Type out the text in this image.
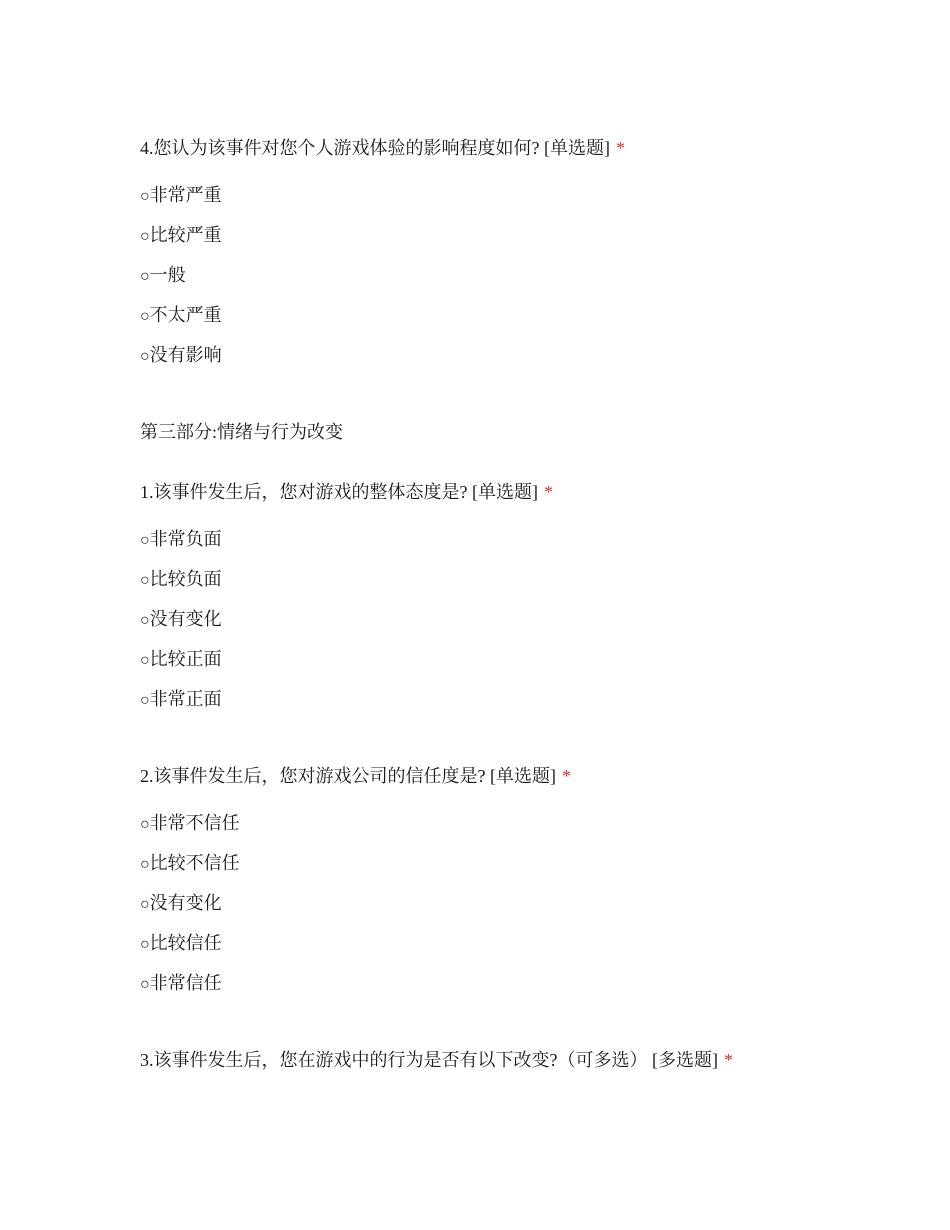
4.您认为该事件对您个人游戏体验的影响程度如何? [单选题] *
○非常严重
○比较严重
○一般
○不太严重
○没有影响
第三部分:情绪与行为改变
1.该事件发生后，您对游戏的整体态度是? [单选题] *
○非常负面
○比较负面
○没有变化
○比较正面
○非常正面
2.该事件发生后，您对游戏公司的信任度是? [单选题] *
○非常不信任
○比较不信任
○没有变化
○比较信任
○非常信任
3.该事件发生后，您在游戏中的行为是否有以下改变?（可多选） [多选题] *
